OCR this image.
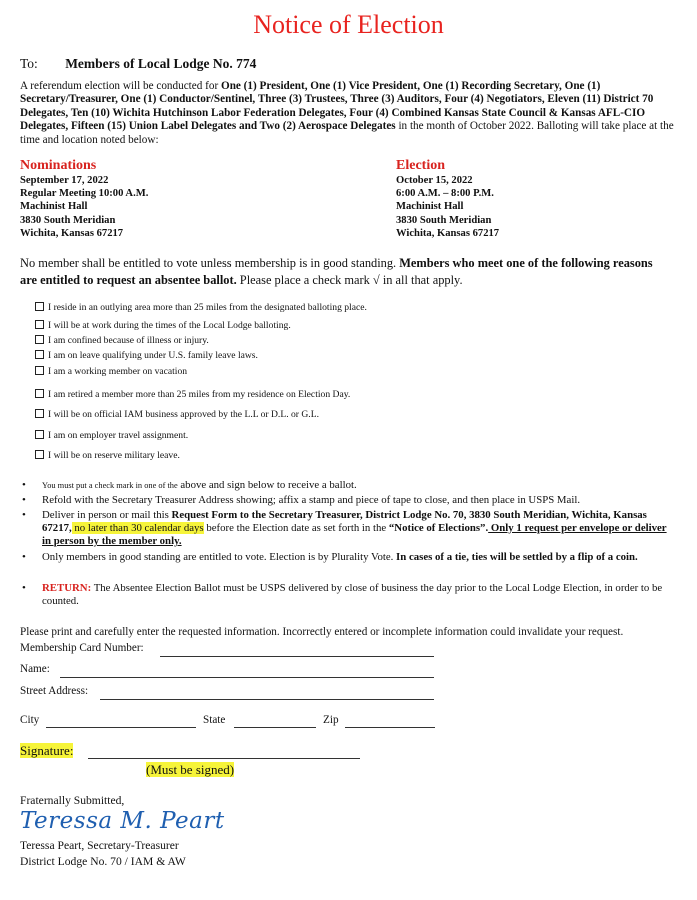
Notice of Election
To: Members of Local Lodge No. 774
A referendum election will be conducted for One (1) President, One (1) Vice President, One (1) Recording Secretary, One (1) Secretary/Treasurer, One (1) Conductor/Sentinel, Three (3) Trustees, Three (3) Auditors, Four (4) Negotiators, Eleven (11) District 70 Delegates, Ten (10) Wichita Hutchinson Labor Federation Delegates, Four (4) Combined Kansas State Council & Kansas AFL-CIO Delegates, Fifteen (15) Union Label Delegates and Two (2) Aerospace Delegates in the month of October 2022. Balloting will take place at the time and location noted below:
Nominations
September 17, 2022
Regular Meeting 10:00 A.M.
Machinist Hall
3830 South Meridian
Wichita, Kansas 67217
Election
October 15, 2022
6:00 A.M. – 8:00 P.M.
Machinist Hall
3830 South Meridian
Wichita, Kansas 67217
No member shall be entitled to vote unless membership is in good standing. Members who meet one of the following reasons are entitled to request an absentee ballot. Please place a check mark √ in all that apply.
I reside in an outlying area more than 25 miles from the designated balloting place.
I will be at work during the times of the Local Lodge balloting.
I am confined because of illness or injury.
I am on leave qualifying under U.S. family leave laws.
I am a working member on vacation
I am retired a member more than 25 miles from my residence on Election Day.
I will be on official IAM business approved by the L.L or D.L. or G.L.
I am on employer travel assignment.
I will be on reserve military leave.
• You must put a check mark in one of the above and sign below to receive a ballot.
• Refold with the Secretary Treasurer Address showing; affix a stamp and piece of tape to close, and then place in USPS Mail.
• Deliver in person or mail this Request Form to the Secretary Treasurer, District Lodge No. 70, 3830 South Meridian, Wichita, Kansas 67217, no later than 30 calendar days before the Election date as set forth in the “Notice of Elections”. Only 1 request per envelope or deliver in person by the member only.
• Only members in good standing are entitled to vote. Election is by Plurality Vote. In cases of a tie, ties will be settled by a flip of a coin.
• RETURN: The Absentee Election Ballot must be USPS delivered by close of business the day prior to the Local Lodge Election, in order to be counted.
Please print and carefully enter the requested information. Incorrectly entered or incomplete information could invalidate your request.
Membership Card Number:
Name:
Street Address:
City	State	Zip
Signature:
(Must be signed)
Fraternally Submitted,
Teressa M. Peart
Teressa Peart, Secretary-Treasurer
District Lodge No. 70 / IAM & AW
